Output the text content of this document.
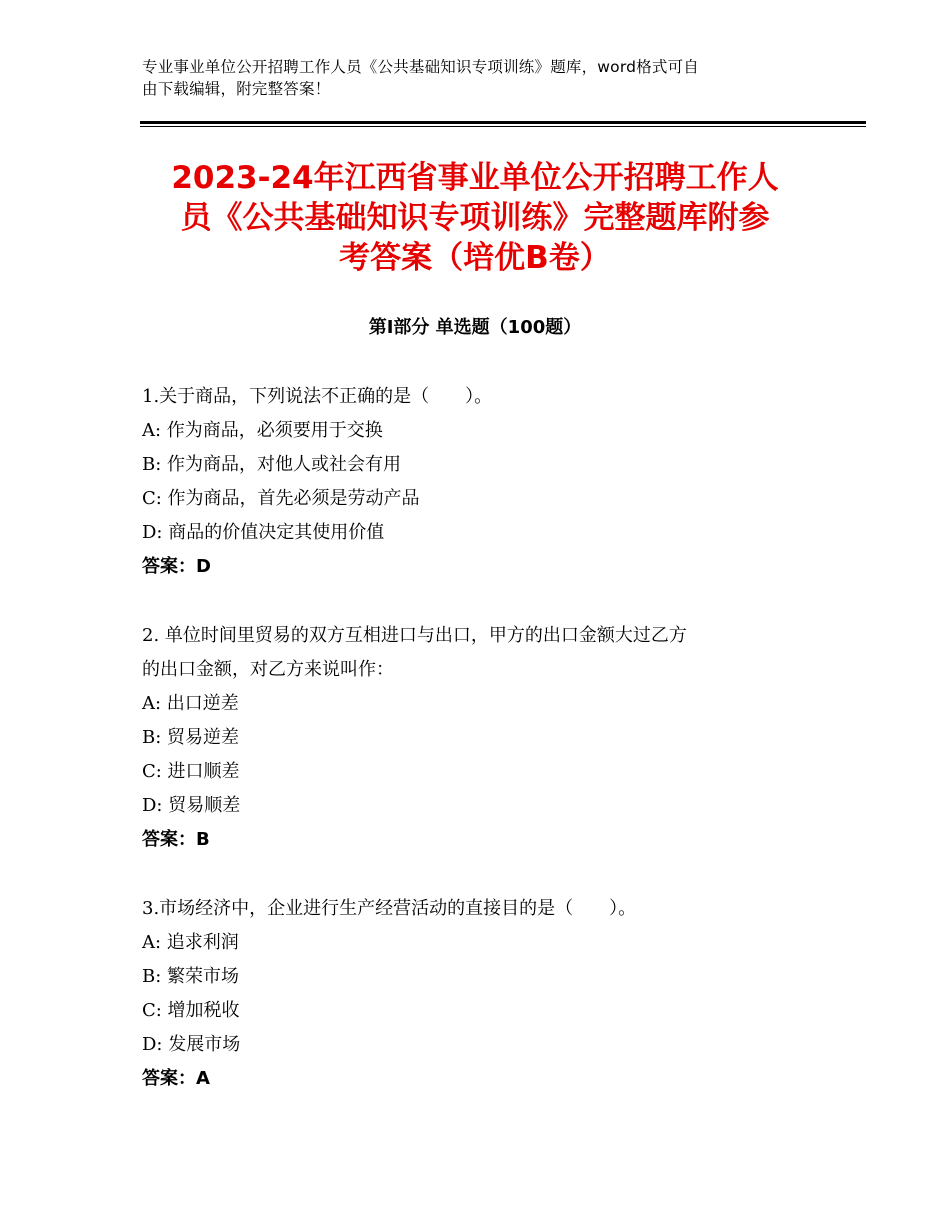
专业事业单位公开招聘工作人员《公共基础知识专项训练》题库，word格式可自
由下载编辑，附完整答案！
2023-24年江西省事业单位公开招聘工作人
员《公共基础知识专项训练》完整题库附参
考答案（培优B卷）
第Ⅰ部分 单选题（100题）
1.关于商品，下列说法不正确的是（　　）。
A: 作为商品，必须要用于交换
B: 作为商品，对他人或社会有用
C: 作为商品，首先必须是劳动产品
D: 商品的价值决定其使用价值
答案：D
2. 单位时间里贸易的双方互相进口与出口，甲方的出口金额大过乙方
的出口金额，对乙方来说叫作：
A: 出口逆差
B: 贸易逆差
C: 进口顺差
D: 贸易顺差
答案：B
3.市场经济中，企业进行生产经营活动的直接目的是（　　）。
A: 追求利润
B: 繁荣市场
C: 增加税收
D: 发展市场
答案：A
